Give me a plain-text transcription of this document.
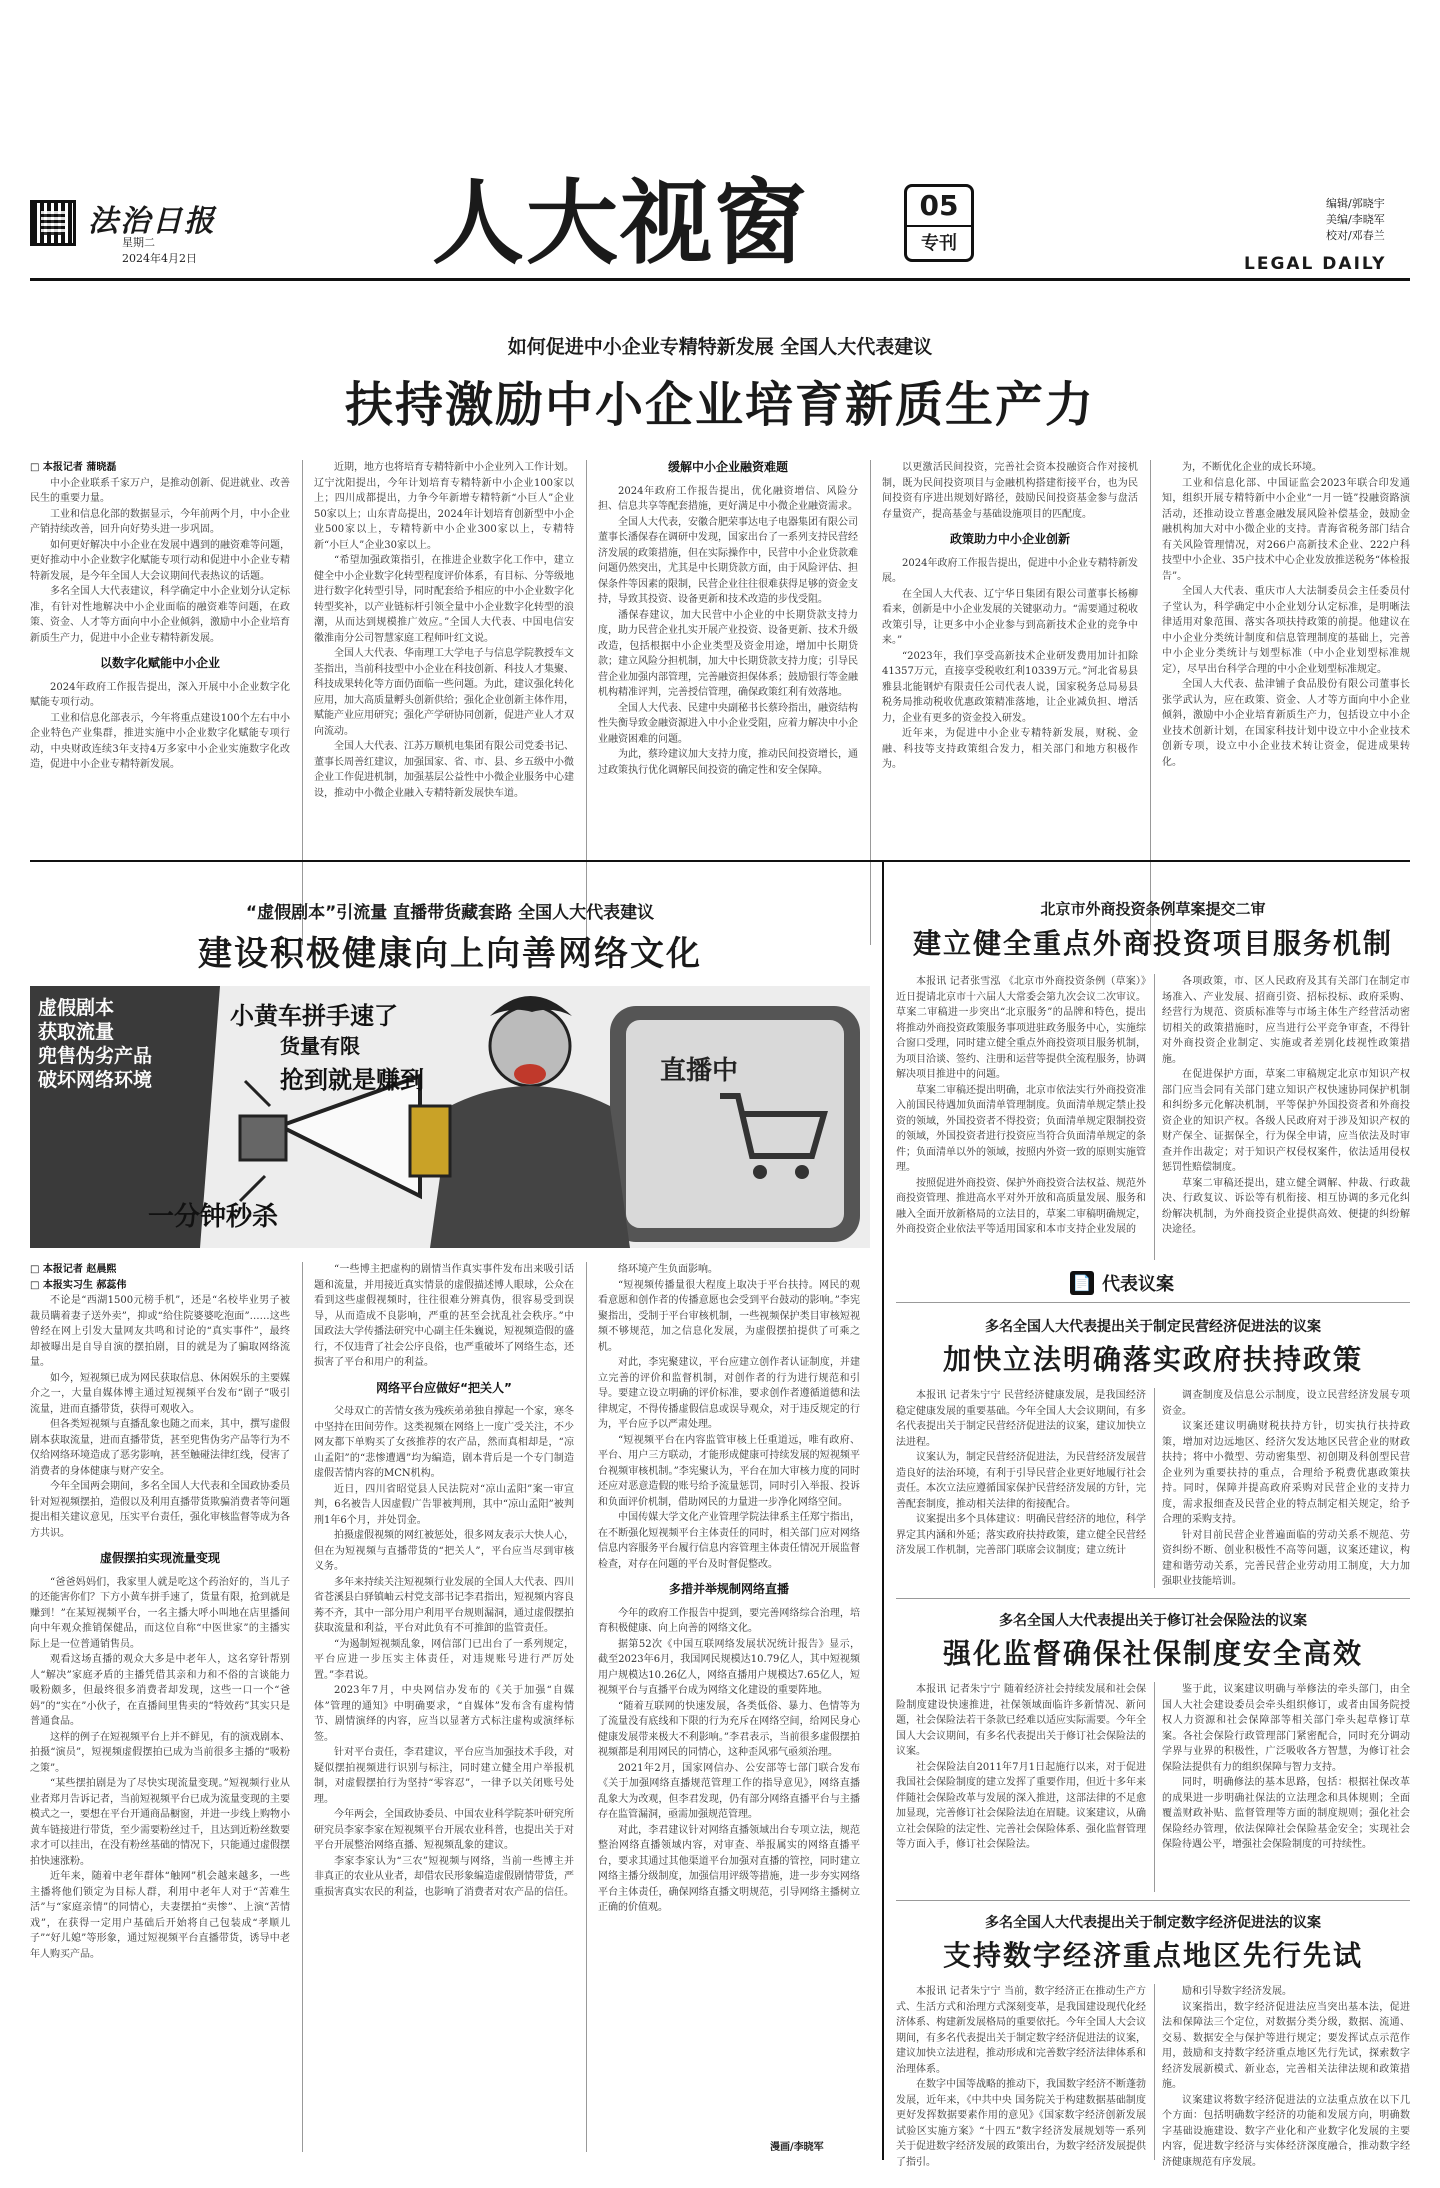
法治日报
星期二
2024年4月2日	人大视窗	05
专刊
编辑/郭晓宇
美编/李晓军
校对/邓春兰
LEGAL DAILY
如何促进中小企业专精特新发展 全国人大代表建议
扶持激励中小企业培育新质生产力

□ 本报记者 蒲晓磊

中小企业联系千家万户，是推动创新、促进就业、改善民生的重要力量。

工业和信息化部的数据显示，今年前两个月，中小企业产销持续改善，回升向好势头进一步巩固。

如何更好解决中小企业在发展中遇到的融资难等问题，更好推动中小企业数字化赋能专项行动和促进中小企业专精特新发展，是今年全国人大会议期间代表热议的话题。

多名全国人大代表建议，科学确定中小企业划分认定标准，有针对性地解决中小企业面临的融资难等问题，在政策、资金、人才等方面向中小企业倾斜，激励中小企业培育新质生产力，促进中小企业专精特新发展。

以数字化赋能中小企业

2024年政府工作报告提出，深入开展中小企业数字化赋能专项行动。

工业和信息化部表示，今年将重点建设100个左右中小企业特色产业集群，推进实施中小企业数字化赋能专项行动，中央财政连续3年支持4万多家中小企业实施数字化改造，促进中小企业专精特新发展。

近期，地方也将培育专精特新中小企业列入工作计划。辽宁沈阳提出，今年计划培育专精特新中小企业100家以上；四川成都提出，力争今年新增专精特新“小巨人”企业50家以上；山东青岛提出，2024年计划培育创新型中小企业500家以上，专精特新中小企业300家以上，专精特新“小巨人”企业30家以上。

“希望加强政策指引，在推进企业数字化工作中，建立健全中小企业数字化转型程度评价体系，有目标、分等级地进行数字化转型引导，同时配套给予相应的中小企业数字化转型奖补，以产业链标杆引领全量中小企业数字化转型的浪潮，从而达到规模推广效应。”全国人大代表、中国电信安徽淮南分公司智慧家庭工程师叶红文说。

全国人大代表、华南理工大学电子与信息学院教授车文荃指出，当前科技型中小企业在科技创新、科技人才集聚、科技成果转化等方面仍面临一些问题。为此，建议强化转化应用，加大高质量孵头创新供给；强化企业创新主体作用，赋能产业应用研究；强化产学研协同创新，促进产业人才双向流动。

全国人大代表、江苏万顺机电集团有限公司党委书记、董事长周善红建议，加强国家、省、市、县、乡五级中小微企业工作促进机制，加强基层公益性中小微企业服务中心建设，推动中小微企业融入专精特新发展快车道。

缓解中小企业融资难题

2024年政府工作报告提出，优化融资增信、风险分担、信息共享等配套措施，更好满足中小微企业融资需求。

全国人大代表，安徽合肥荣事达电子电器集团有限公司董事长潘保春在调研中发现，国家出台了一系列支持民营经济发展的政策措施，但在实际操作中，民营中小企业贷款难问题仍然突出，尤其是中长期贷款方面，由于风险评估、担保条件等因素的限制，民营企业往往很难获得足够的资金支持，导致其投资、设备更新和技术改造的步伐受阻。

潘保春建议，加大民营中小企业的中长期贷款支持力度，助力民营企业扎实开展产业投资、设备更新、技术升级改造，包括根据中小企业类型及资金用途，增加中长期贷款；建立风险分担机制，加大中长期贷款支持力度；引导民营企业加强内部管理，完善融资担保体系；鼓励银行等金融机构精准评判，完善授信管理，确保政策红利有效落地。

全国人大代表、民建中央副秘书长蔡玲指出，融资结构性失衡导致金融资源进入中小企业受阻，应着力解决中小企业融资困难的问题。

为此，蔡玲建议加大支持力度，推动民间投资增长，通过政策执行优化调解民间投资的确定性和安全保障。

以更激活民间投资，完善社会资本投融资合作对接机制，既为民间投资项目与金融机构搭建衔接平台，也为民间投资有序进出规划好路径，鼓励民间投资基金参与盘活存量资产，提高基金与基础设施项目的匹配度。

政策助力中小企业创新

2024年政府工作报告提出，促进中小企业专精特新发展。

在全国人大代表、辽宁华日集团有限公司董事长杨柳看来，创新是中小企业发展的关键驱动力。“需要通过税收改策引导，让更多中小企业参与到高新技术企业的竞争中来。”

“2023年，我们享受高新技术企业研发费用加计扣除41357万元，直接享受税收红利10339万元。”河北省易县雅县北能钢炉有限责任公司代表人说，国家税务总局易县税务局推动税收优惠政策精准落地，让企业减负担、增活力，企业有更多的资金投入研发。

近年来，为促进中小企业专精特新发展，财税、金融、科技等支持政策组合发力，相关部门和地方积极作为。

为，不断优化企业的成长环境。

工业和信息化部、中国证监会2023年联合印发通知，组织开展专精特新中小企业“一月一链”投融资路演活动，还推动设立普惠金融发展风险补偿基金，鼓励金融机构加大对中小微企业的支持。青海省税务部门结合有关风险管理情况，对266户高新技术企业、222户科技型中小企业、35户技术中心企业发放推送税务“体检报告”。

全国人大代表、重庆市人大法制委员会主任委员付子堂认为，科学确定中小企业划分认定标准，是明晰法律适用对象范围、落实各项扶持政策的前提。他建议在中小企业分类统计制度和信息管理制度的基础上，完善中小企业分类统计与划型标准（中小企业划型标准规定），尽早出台科学合理的中小企业划型标准规定。

全国人大代表、盐津铺子食品股份有限公司董事长张学武认为，应在政策、资金、人才等方面向中小企业倾斜，激励中小企业培育新质生产力，包括设立中小企业技术创新计划，在国家科技计划中设立中小企业技术创新专项，设立中小企业技术转让资金，促进成果转化。

“虚假剧本”引流量 直播带货藏套路 全国人大代表建议
建设积极健康向上向善网络文化
虚假剧本
获取流量
兜售伪劣产品
破坏网络环境
小黄车拼手速了
货量有限
抢到就是赚到
一分钟秒杀
直播中

□ 本报记者 赵晨熙

□ 本报实习生 郝蕊伟

不论是“西湖1500元榜手机”，还是“名校毕业男子被裁员瞒着妻子送外卖”，抑或“给住院婆婆吃泡面”……这些曾经在网上引发大量网友共鸣和讨论的“真实事件”，最终却被曝出是自导自演的摆拍剧，目的就是为了骗取网络流量。

如今，短视频已成为网民获取信息、休闲娱乐的主要媒介之一，大量自媒体博主通过短视频平台发布“剧子”吸引流量，进而直播带货，获得可观收入。

但各类短视频与直播乱象也随之而来，其中，撰写虚假剧本获取流量，进而直播带货，甚至兜售伪劣产品等行为不仅给网络环境造成了恶劣影响，甚至触碰法律红线，侵害了消费者的身体健康与财产安全。

今年全国两会期间，多名全国人大代表和全国政协委员针对短视频摆拍，造假以及利用直播带货欺骗消费者等问题提出相关建议意见，压实平台责任，强化审核监督等成为各方共识。

虚假摆拍实现流量变现

“爸爸妈妈们，我家里人就是吃这个药治好的，当儿子的还能害你们？下方小黄车拼手速了，货量有限，抢到就是赚到！”在某短视频平台，一名主播大呼小叫地在店里播间向中年观众推销保健品，而这位自称“中医世家”的主播实际上是一位普通销售员。

观看这场直播的观众大多是中老年人，这名穿针帮别人“解决”家庭矛盾的主播凭借其亲和力和不俗的言谈能力吸粉颇多，但最终很多消费者却发现，这些一口一个“爸妈”的“实在”小伙子，在直播间里售卖的“特效药”其实只是普通食品。

这样的例子在短视频平台上并不鲜见，有的演戏剧本、拍摄“演员”，短视频虚假摆拍已成为当前很多主播的“吸粉之策”。

“某些摆拍剧是为了尽快实现流量变现。”短视频行业从业者郑月告诉记者，当前短视频平台已成为流量变现的主要模式之一，要想在平台开通商品橱窗，并进一步线上购物小黄车链接进行带货，至少需要粉丝过千，且达到近粉丝数要求才可以挂出，在没有粉丝基础的情况下，只能通过虚假摆拍快速涨粉。

近年来，随着中老年群体“触网”机会越来越多，一些主播将他们锁定为目标人群，利用中老年人对于“苦难生活”与“家庭亲情”的同情心，夫妻摆拍“卖惨”、上演“苦情戏”，在获得一定用户基础后开始将自己包装成“孝顺儿子”“好儿媳”等形象，通过短视频平台直播带货，诱导中老年人购买产品。

“一些博主把虚构的剧情当作真实事件发布出来吸引话题和流量，并用接近真实情景的虚假描述博人眼球，公众在看到这些虚假视频时，往往很难分辨真伪，很容易受到误导，从而造成不良影响，严重的甚至会扰乱社会秩序。”中国政法大学传播法研究中心副主任朱巍说，短视频造假的盛行，不仅违背了社会公序良俗，也严重破坏了网络生态，还损害了平台和用户的利益。

网络平台应做好“把关人”

父母双亡的苦情女孩为残疾弟弟独自撑起一个家，寒冬中坚持在田间劳作。这类视频在网络上一度广受关注，不少网友都下单购买了女孩推荐的农产品，然而真相却是，“凉山孟阳”的“悲惨遭遇”均为编造，剧本背后是一个专门制造虚假苦情内容的MCN机构。

近日，四川省昭觉县人民法院对“凉山孟阳”案一审宣判，6名被告人因虚假广告罪被判刑，其中“凉山孟阳”被判刑1年6个月，并处罚金。

拍摄虚假视频的网红被惩处，很多网友表示大快人心，但在为短视频与直播带货的“把关人”，平台应当尽到审核义务。

多年来持续关注短视频行业发展的全国人大代表、四川省苍溪县白驿镇岫云村党支部书记李君指出，短视频内容良莠不齐，其中一部分用户利用平台规则漏洞，通过虚假摆拍获取流量和利益，平台对此负有不可推卸的监管责任。

“为遏制短视频乱象，网信部门已出台了一系列规定，平台应进一步压实主体责任，对违规账号进行严厉处置。”李君说。

2023年7月，中央网信办发布的《关于加强“自媒体”管理的通知》中明确要求，“自媒体”发布含有虚构情节、剧情演绎的内容，应当以显著方式标注虚构或演绎标签。

针对平台责任，李君建议，平台应当加强技术手段，对疑似摆拍视频进行识别与标注，同时建立健全用户举报机制，对虚假摆拍行为坚持“零容忍”，一律予以关闭账号处理。

今年两会，全国政协委员、中国农业科学院茶叶研究所研究员李家李家在短视频平台开展农业科普，也提出关于对平台开展整治网络直播、短视频乱象的建议。

李家李家认为“三农”短视频与网络，当前一些博主并非真正的农业从业者，却借农民形象编造虚假剧情带货，严重损害真实农民的利益，也影响了消费者对农产品的信任。

络环境产生负面影响。

“短视频传播量很大程度上取决于平台扶持。网民的观看意愿和创作者的传播意愿也会受到平台鼓动的影响。”李宪聚指出，受制于平台审核机制，一些视频保护类目审核短视频不够规范，加之信息化发展，为虚假摆拍提供了可乘之机。

对此，李宪聚建议，平台应建立创作者认证制度，并建立完善的评价和监督机制，对创作者的行为进行规范和引导。要建立设立明确的评价标准，要求创作者遵循道德和法律规定，不得传播虚假信息或误导观众，对于违反规定的行为，平台应予以严肃处理。

“短视频平台在内容监管审核上任重道远，唯有政府、平台、用户三方联动，才能形成健康可持续发展的短视频平台视频审核机制。”李宪聚认为，平台在加大审核力度的同时还应对恶意造假的账号给予流量惩罚，同时引入举报、投诉和负面评价机制，借助网民的力量进一步净化网络空间。

中国传媒大学文化产业管理学院法律系主任郑宁指出，在不断强化短视频平台主体责任的同时，相关部门应对网络信息内容服务平台履行信息内容管理主体责任情况开展监督检查，对存在问题的平台及时督促整改。

多措并举规制网络直播

今年的政府工作报告中提到，要完善网络综合治理，培育积极健康、向上向善的网络文化。

据第52次《中国互联网络发展状况统计报告》显示，截至2023年6月，我国网民规模达10.79亿人，其中短视频用户规模达10.26亿人，网络直播用户规模达7.65亿人，短视频平台与直播平台成为网络文化建设的重要阵地。

“随着互联网的快速发展，各类低俗、暴力、色情等为了流量没有底线和下限的行为充斥在网络空间，给网民身心健康发展带来极大不利影响。”李君表示，当前很多虚假摆拍视频都是利用网民的同情心，这种歪风邪气亟须治理。

2021年2月，国家网信办、公安部等七部门联合发布《关于加强网络直播规范管理工作的指导意见》，网络直播乱象大为改观，但李君发现，仍有部分网络直播平台与主播存在监管漏洞，亟需加强规范管理。

对此，李君建议针对网络直播领域出台专项立法，规范整治网络直播领域内容，对审查、举报属实的网络直播平台，要求其通过其他渠道平台加强对直播的管控，同时建立网络主播分级制度，加强信用评级等措施，进一步夯实网络平台主体责任，确保网络直播文明规范，引导网络主播树立正确的价值观。

漫画/李晓军
北京市外商投资条例草案提交二审
建立健全重点外商投资项目服务机制

本报讯 记者张雪泓 《北京市外商投资条例（草案）》近日提请北京市十六届人大常委会第九次会议二次审议。草案二审稿进一步突出“北京服务”的品牌和特色，提出将推动外商投资政策服务事项进驻政务服务中心，实施综合窗口受理，同时建立健全重点外商投资项目服务机制，为项目洽谈、签约、注册和运营等提供全流程服务，协调解决项目推进中的问题。

草案二审稿还提出明确，北京市依法实行外商投资准入前国民待遇加负面清单管理制度。负面清单规定禁止投资的领域，外国投资者不得投资；负面清单规定限制投资的领域，外国投资者进行投资应当符合负面清单规定的条件；负面清单以外的领域，按照内外资一致的原则实施管理。

按照促进外商投资、保护外商投资合法权益、规范外商投资管理、推进高水平对外开放和高质量发展、服务和融入全面开放新格局的立法目的，草案二审稿明确规定，外商投资企业依法平等适用国家和本市支持企业发展的

各项政策，市、区人民政府及其有关部门在制定市场准入、产业发展、招商引资、招标投标、政府采购、经营行为规范、资质标准等与市场主体生产经营活动密切相关的政策措施时，应当进行公平竞争审查，不得针对外商投资企业制定、实施或者差别化歧视性政策措施。

在促进保护方面，草案二审稿规定北京市知识产权部门应当会同有关部门建立知识产权快速协同保护机制和纠纷多元化解决机制，平等保护外国投资者和外商投资企业的知识产权。各级人民政府对于涉及知识产权的财产保全、证据保全，行为保全申请，应当依法及时审查并作出裁定；对于知识产权侵权案件，依法适用侵权惩罚性赔偿制度。

草案二审稿还提出，建立健全调解、仲裁、行政裁决、行政复议、诉讼等有机衔接、相互协调的多元化纠纷解决机制，为外商投资企业提供高效、便捷的纠纷解决途径。

📄 代表议案
多名全国人大代表提出关于制定民营经济促进法的议案
加快立法明确落实政府扶持政策

本报讯 记者朱宁宁 民营经济健康发展，是我国经济稳定健康发展的重要基础。今年全国人大会议期间，有多名代表提出关于制定民营经济促进法的议案，建议加快立法进程。

议案认为，制定民营经济促进法，为民营经济发展营造良好的法治环境，有利于引导民营企业更好地履行社会责任。本次立法应遵循国家保护民营经济发展的方针，完善配套制度，推动相关法律的衔接配合。

议案提出多个具体建议：明确民营经济的地位，科学界定其内涵和外延；落实政府扶持政策，建立健全民营经济发展工作机制，完善部门联席会议制度；建立统计

调查制度及信息公示制度，设立民营经济发展专项资金。

议案还建议明确财税扶持方针，切实执行扶持政策，增加对边远地区、经济欠发达地区民营企业的财政扶持；将中小微型、劳动密集型、初创期及科创型民营企业列为重要扶持的重点，合理给予税费优惠政策扶持。同时，保障并提高政府采购对民营企业的支持力度，需求报细查及民营企业的特点制定相关规定，给予合理的采购支持。

针对目前民营企业普遍面临的劳动关系不规范、劳资纠纷不断、创业积极性不高等问题，议案还建议，构建和谐劳动关系，完善民营企业劳动用工制度，大力加强职业技能培训。

多名全国人大代表提出关于修订社会保险法的议案
强化监督确保社保制度安全高效

本报讯 记者朱宁宁 随着经济社会持续发展和社会保险制度建设快速推进，社保领域面临许多新情况、新问题，社会保险法若干条款已经难以适应实际需要。今年全国人大会议期间，有多名代表提出关于修订社会保险法的议案。

社会保险法自2011年7月1日起施行以来，对于促进我国社会保险制度的建立发挥了重要作用，但近十多年来伴随社会保险改革与发展的深入推进，这部法律的不足愈加显现，完善修订社会保险法迫在眉睫。议案建议，从确立社会保险的法定性、完善社会保险体系、强化监督管理等方面入手，修订社会保险法。

鉴于此，议案建议明确与举修法的牵头部门，由全国人大社会建设委员会牵头组织修订，或者由国务院授权人力资源和社会保障部等相关部门牵头起草修订草案。各社会保险行政管理部门紧密配合，同时充分调动学界与业界的积极性，广泛吸收各方智慧，为修订社会保险法提供有力的组织保障与智力支持。

同时，明确修法的基本思路，包括：根据社保改革的成果进一步明确社保法的立法理念和具体规则；全面覆盖财政补贴、监督管理等方面的制度规则；强化社会保险经办管理，依法保障社会保险基金安全；实现社会保险待遇公平，增强社会保险制度的可持续性。

多名全国人大代表提出关于制定数字经济促进法的议案
支持数字经济重点地区先行先试

本报讯 记者朱宁宁 当前，数字经济正在推动生产方式、生活方式和治理方式深刻变革，是我国建设现代化经济体系、构建新发展格局的重要依托。今年全国人大会议期间，有多名代表提出关于制定数字经济促进法的议案，建议加快立法进程，推动形成和完善数字经济法律体系和治理体系。

在数字中国等战略的推动下，我国数字经济不断蓬勃发展，近年来，《中共中央 国务院关于构建数据基础制度更好发挥数据要素作用的意见》《国家数字经济创新发展试验区实施方案》“十四五”数字经济发展规划等一系列关于促进数字经济发展的政策出台，为数字经济发展提供了指引。

励和引导数字经济发展。

议案指出，数字经济促进法应当突出基本法，促进法和保障法三个定位，对数据分类分级，数据、流通、交易、数据安全与保护等进行规定；要发挥试点示范作用，鼓励和支持数字经济重点地区先行先试，探索数字经济发展新模式、新业态，完善相关法律法规和政策措施。

议案建议将数字经济促进法的立法重点放在以下几个方面：包括明确数字经济的功能和发展方向，明确数字基础设施建设、数字产业化和产业数字化发展的主要内容，促进数字经济与实体经济深度融合，推动数字经济健康规范有序发展。
